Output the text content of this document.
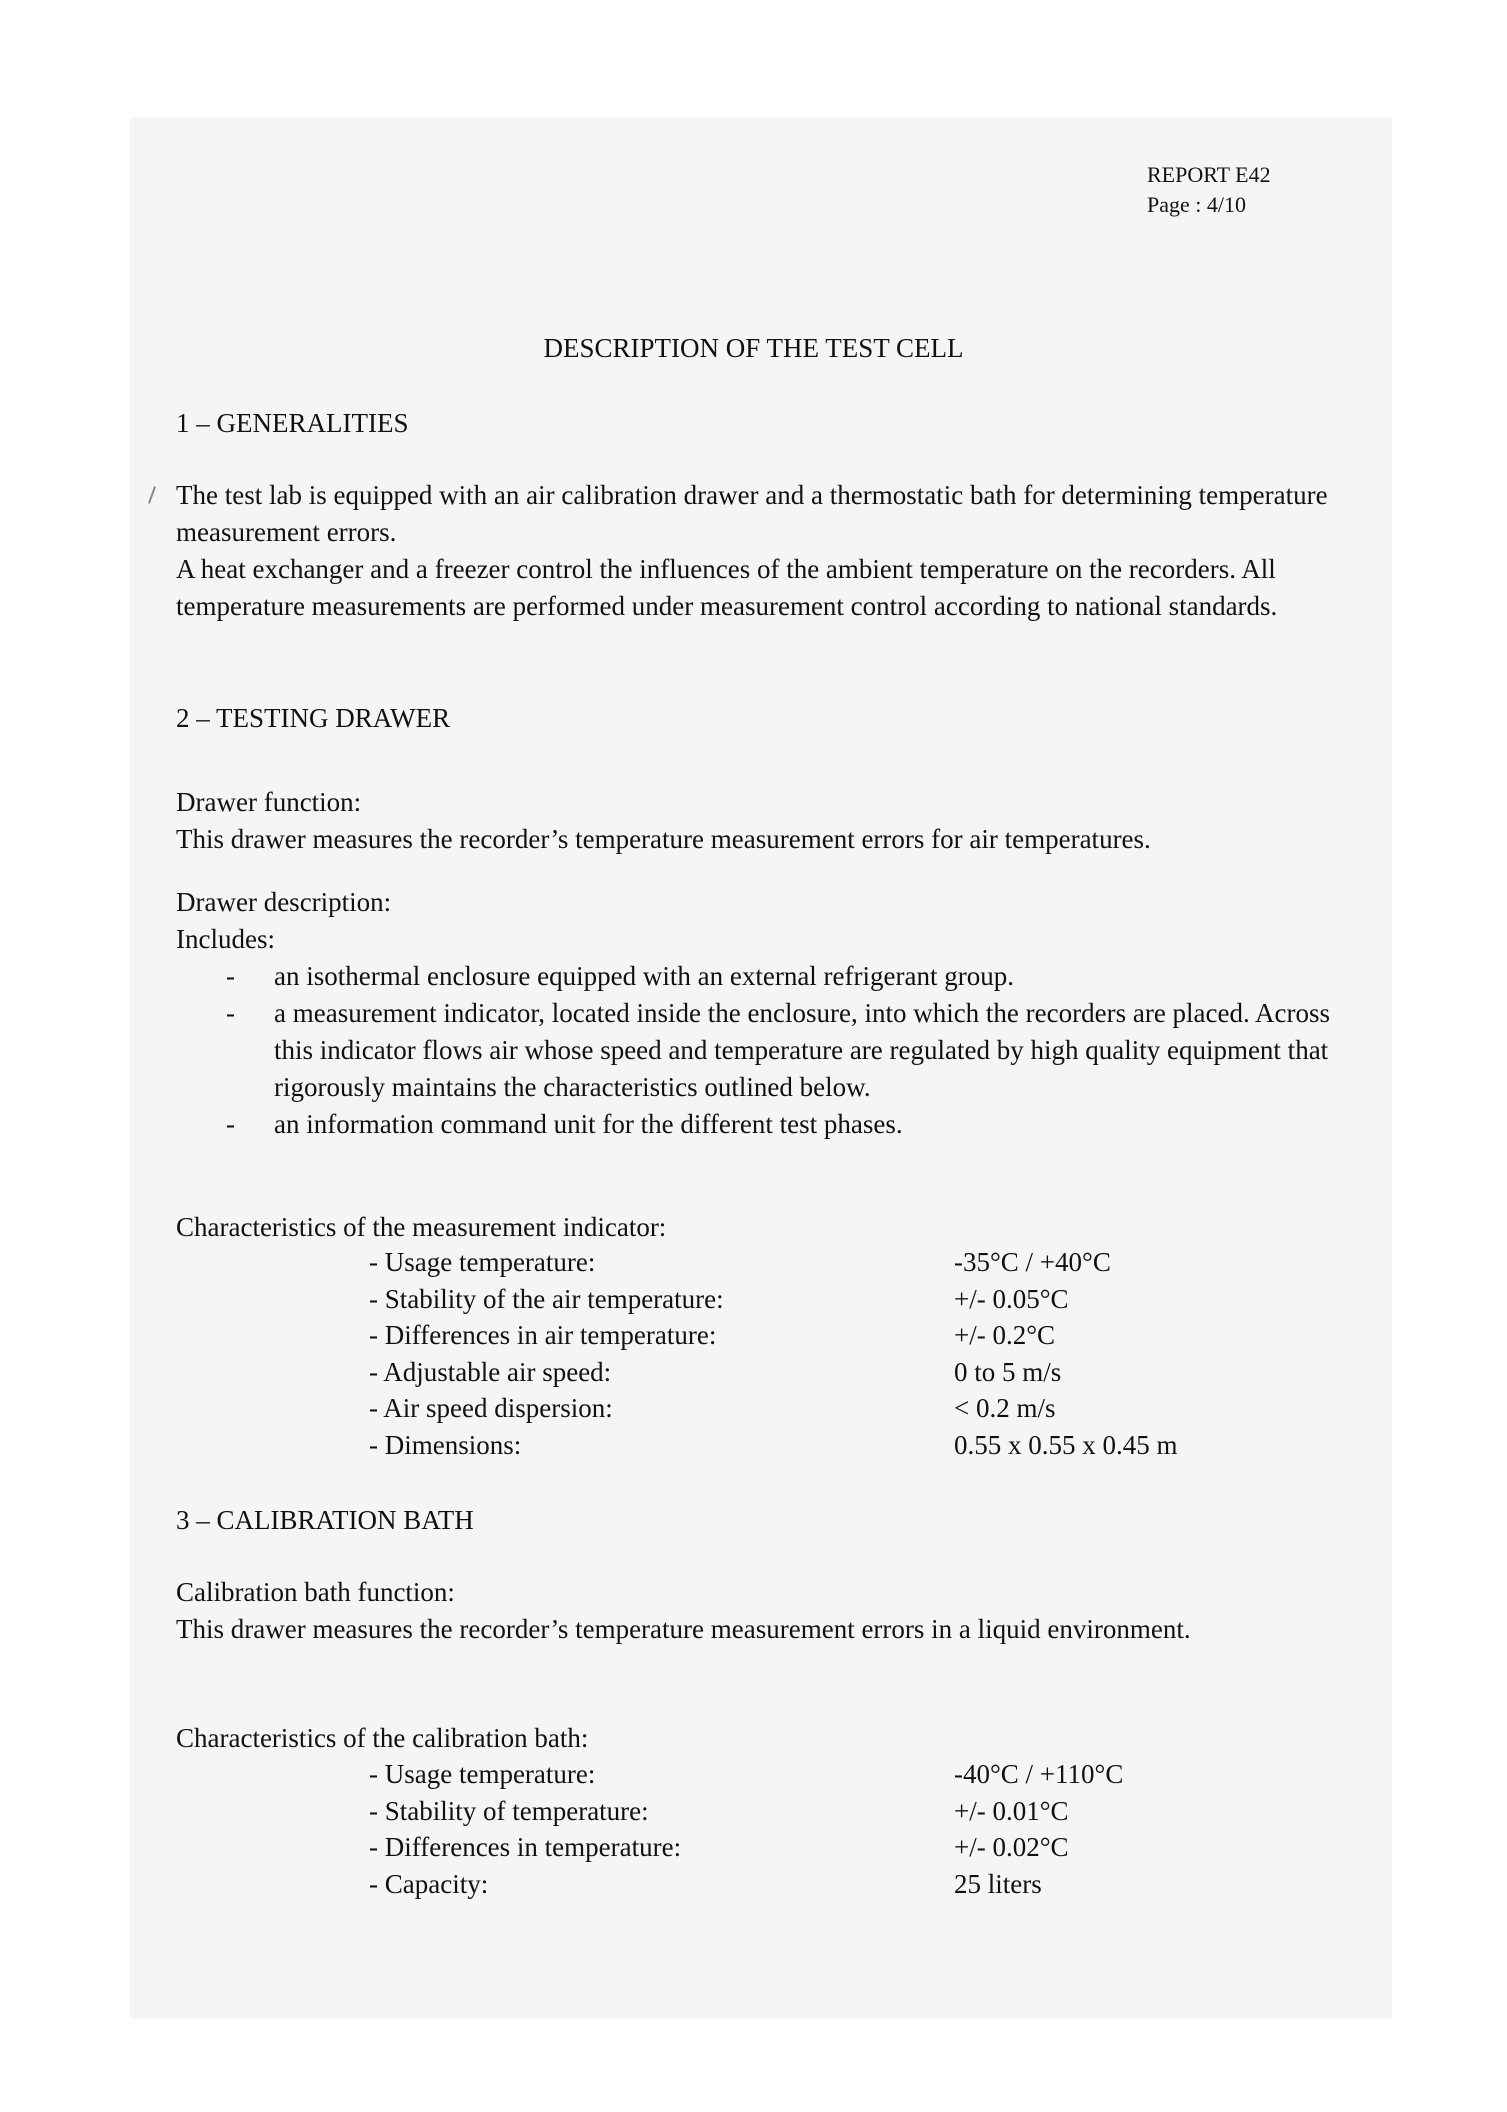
REPORT E42
Page : 4/10
DESCRIPTION OF THE TEST CELL
1 – GENERALITIES

The test lab is equipped with an air calibration drawer and a thermostatic bath for determining temperature measurement errors.

A heat exchanger and a freezer control the influences of the ambient temperature on the recorders. All temperature measurements are performed under measurement control according to national standards.

2 – TESTING DRAWER

Drawer function:

This drawer measures the recorder’s temperature measurement errors for air temperatures.

Drawer description:

Includes:

- an isothermal enclosure equipped with an external refrigerant group.
- a measurement indicator, located inside the enclosure, into which the recorders are placed. Across this indicator flows air whose speed and temperature are regulated by high quality equipment that rigorously maintains the characteristics outlined below.
- an information command unit for the different test phases.
Characteristics of the measurement indicator:
- Usage temperature:	-35°C / +40°C
- Stability of the air temperature:	+/- 0.05°C
- Differences in air temperature:	+/- 0.2°C
- Adjustable air speed:	0 to 5 m/s
- Air speed dispersion:	< 0.2 m/s
- Dimensions:	0.55 x 0.55 x 0.45 m
3 – CALIBRATION BATH

Calibration bath function:

This drawer measures the recorder’s temperature measurement errors in a liquid environment.

Characteristics of the calibration bath:
- Usage temperature:	-40°C / +110°C
- Stability of temperature:	+/- 0.01°C
- Differences in temperature:	+/- 0.02°C
- Capacity:	25 liters
